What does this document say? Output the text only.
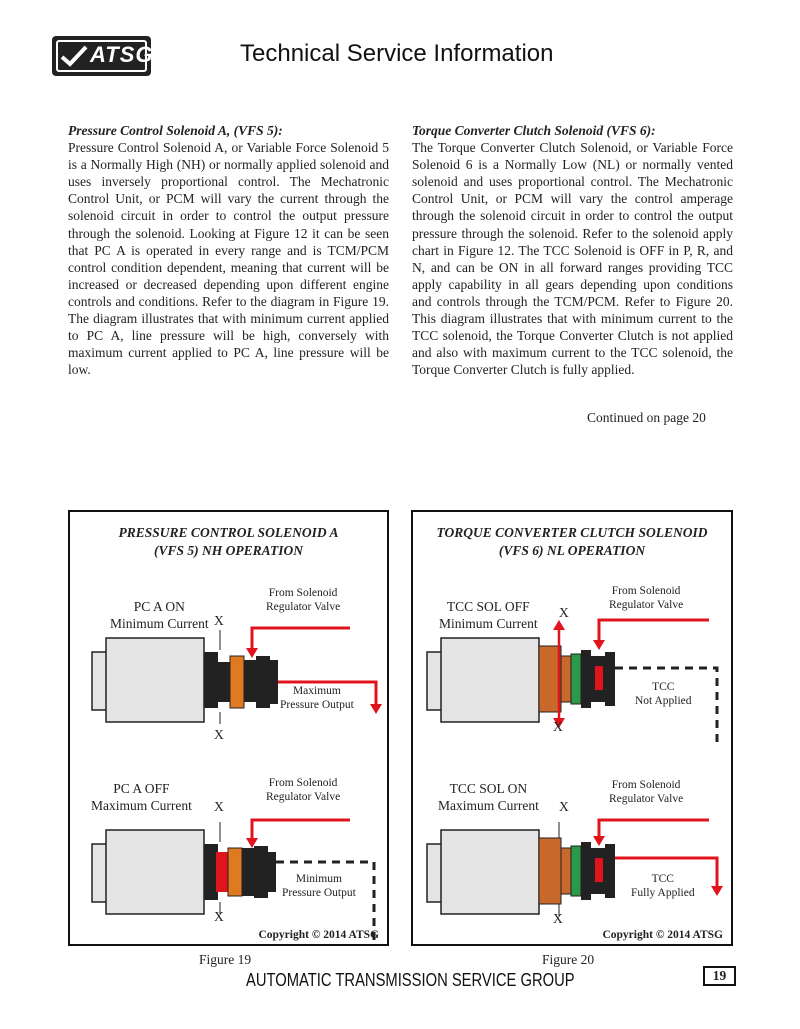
ATSG	Technical Service Information
Pressure Control Solenoid A, (VFS 5):

Pressure Control Solenoid A, or Variable Force Solenoid 5 is a Normally High (NH) or normally applied solenoid and uses inversely proportional control. The Mechatronic Control Unit, or PCM will vary the current through the solenoid circuit in order to control the output pressure through the solenoid. Looking at Figure 12 it can be seen that PC A is operated in every range and is TCM/PCM control condition dependent, meaning that current will be increased or decreased depending upon different engine controls and conditions. Refer to the diagram in Figure 19. The diagram illustrates that with minimum current applied to PC A, line pressure will be high, conversely with maximum current applied to PC A, line pressure will be low.

Torque Converter Clutch Solenoid (VFS 6):

The Torque Converter Clutch Solenoid, or Variable Force Solenoid 6 is a Normally Low (NL) or normally vented solenoid and uses proportional control. The Mechatronic Control Unit, or PCM will vary the control amperage through the solenoid circuit in order to control the output pressure through the solenoid. Refer to the solenoid apply chart in Figure 12. The TCC Solenoid is OFF in P, R, and N, and can be ON in all forward ranges providing TCC apply capability in all gears depending upon conditions and controls through the TCM/PCM. Refer to Figure 20. This diagram illustrates that with minimum current to the TCC solenoid, the Torque Converter Clutch is not applied and also with maximum current to the TCC solenoid, the Torque Converter Clutch is fully applied.

Continued on page 20
PRESSURE CONTROL SOLENOID A
(VFS 5) NH OPERATION
PC A ON
Minimum Current X
X
From Solenoid
Regulator Valve
Maximum
Pressure Output
PC A OFF
Maximum Current X
X
From Solenoid
Regulator Valve
Minimum
Pressure Output
Copyright © 2014 ATSG
TORQUE CONVERTER CLUTCH SOLENOID
(VFS 6) NL OPERATION
TCC SOL OFF
Minimum Current
X
X
From Solenoid
Regulator Valve
TCC
Not Applied
TCC SOL ON
Maximum Current X
X
From Solenoid
Regulator Valve
TCC
Fully Applied
Copyright © 2014 ATSG
Figure 19	Figure 20
AUTOMATIC TRANSMISSION SERVICE GROUP	19
